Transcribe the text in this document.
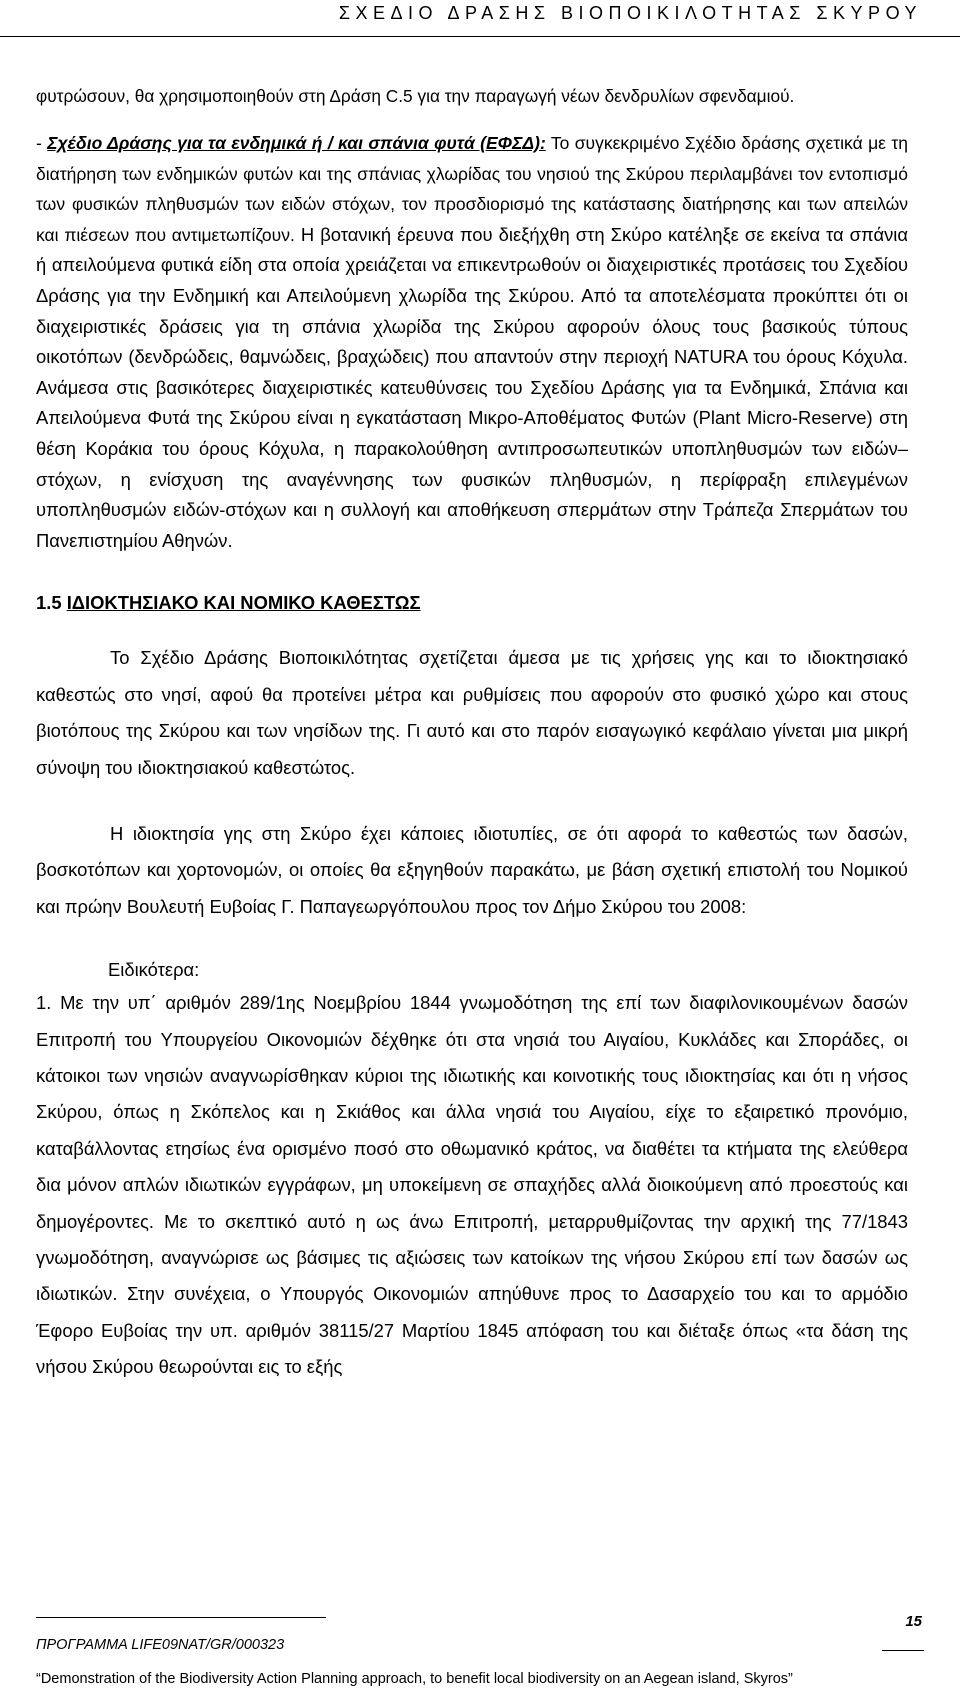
ΣΧΕΔΙΟ ΔΡΑΣΗΣ ΒΙΟΠΟΙΚΙΛΟΤΗΤΑΣ ΣΚΥΡΟΥ

φυτρώσουν, θα χρησιμοποιηθούν στη Δράση C.5 για την παραγωγή νέων δενδρυλίων σφενδαμιού.

- Σχέδιο Δράσης για τα ενδημικά ή / και σπάνια φυτά (ΕΦΣΔ): Το συγκεκριμένο Σχέδιο δράσης σχετικά με τη διατήρηση των ενδημικών φυτών και της σπάνιας χλωρίδας του νησιού της Σκύρου περιλαμβάνει τον εντοπισμό των φυσικών πληθυσμών των ειδών στόχων, τον προσδιορισμό της κατάστασης διατήρησης και των απειλών και πιέσεων που αντιμετωπίζουν. Η βοτανική έρευνα που διεξήχθη στη Σκύρο κατέληξε σε εκείνα τα σπάνια ή απειλούμενα φυτικά είδη στα οποία χρειάζεται να επικεντρωθούν οι διαχειριστικές προτάσεις του Σχεδίου Δράσης για την Ενδημική και Απειλούμενη χλωρίδα της Σκύρου. Από τα αποτελέσματα προκύπτει ότι οι διαχειριστικές δράσεις για τη σπάνια χλωρίδα της Σκύρου αφορούν όλους τους βασικούς τύπους οικοτόπων (δενδρώδεις, θαμνώδεις, βραχώδεις) που απαντούν στην περιοχή NATURA του όρους Κόχυλα. Ανάμεσα στις βασικότερες διαχειριστικές κατευθύνσεις του Σχεδίου Δράσης για τα Ενδημικά, Σπάνια και Απειλούμενα Φυτά της Σκύρου είναι η εγκατάσταση Μικρο-Αποθέματος Φυτών (Plant Micro-Reserve) στη θέση Κοράκια του όρους Κόχυλα, η παρακολούθηση αντιπροσωπευτικών υποπληθυσμών των ειδών–στόχων, η ενίσχυση της αναγέννησης των φυσικών πληθυσμών, η περίφραξη επιλεγμένων υποπληθυσμών ειδών-στόχων και η συλλογή και αποθήκευση σπερμάτων στην Τράπεζα Σπερμάτων του Πανεπιστημίου Αθηνών.

1.5 ΙΔΙΟΚΤΗΣΙΑΚΟ ΚΑΙ ΝΟΜΙΚΟ ΚΑΘΕΣΤΩΣ

Το Σχέδιο Δράσης Βιοποικιλότητας σχετίζεται άμεσα με τις χρήσεις γης και το ιδιοκτησιακό καθεστώς στο νησί, αφού θα προτείνει μέτρα και ρυθμίσεις που αφορούν στο φυσικό χώρο και στους βιοτόπους της Σκύρου και των νησίδων της. Γι αυτό και στο παρόν εισαγωγικό κεφάλαιο γίνεται μια μικρή σύνοψη του ιδιοκτησιακού καθεστώτος.

Η ιδιοκτησία γης στη Σκύρο έχει κάποιες ιδιοτυπίες, σε ότι αφορά το καθεστώς των δασών, βοσκοτόπων και χορτονομών, οι οποίες θα εξηγηθούν παρακάτω, με βάση σχετική επιστολή του Νομικού και πρώην Βουλευτή Ευβοίας Γ. Παπαγεωργόπουλου προς τον Δήμο Σκύρου του 2008:

Ειδικότερα:

1. Με την υπ΄ αριθμόν 289/1ης Νοεμβρίου 1844 γνωμοδότηση της επί των διαφιλονικουμένων δασών Επιτροπή του Υπουργείου Οικονομιών δέχθηκε ότι στα νησιά του Αιγαίου, Κυκλάδες και Σποράδες, οι κάτοικοι των νησιών αναγνωρίσθηκαν κύριοι της ιδιωτικής και κοινοτικής τους ιδιοκτησίας και ότι η νήσος Σκύρου, όπως η Σκόπελος και η Σκιάθος και άλλα νησιά του Αιγαίου, είχε το εξαιρετικό προνόμιο, καταβάλλοντας ετησίως ένα ορισμένο ποσό στο οθωμανικό κράτος, να διαθέτει τα κτήματα της ελεύθερα δια μόνον απλών ιδιωτικών εγγράφων, μη υποκείμενη σε σπαχήδες αλλά διοικούμενη από προεστούς και δημογέροντες. Με το σκεπτικό αυτό η ως άνω Επιτροπή, μεταρρυθμίζοντας την αρχική της 77/1843 γνωμοδότηση, αναγνώρισε ως βάσιμες τις αξιώσεις των κατοίκων της νήσου Σκύρου επί των δασών ως ιδιωτικών. Στην συνέχεια, ο Υπουργός Οικονομιών απηύθυνε προς το Δασαρχείο του και το αρμόδιο Έφορο Ευβοίας την υπ. αριθμόν 38115/27 Μαρτίου 1845 απόφαση του και διέταξε όπως «τα δάση της νήσου Σκύρου θεωρούνται εις το εξής

ΠΡΟΓΡΑΜΜΑ LIFE09NAT/GR/000323
“Demonstration of the Biodiversity Action Planning approach, to benefit local biodiversity on an Aegean island, Skyros”
15
